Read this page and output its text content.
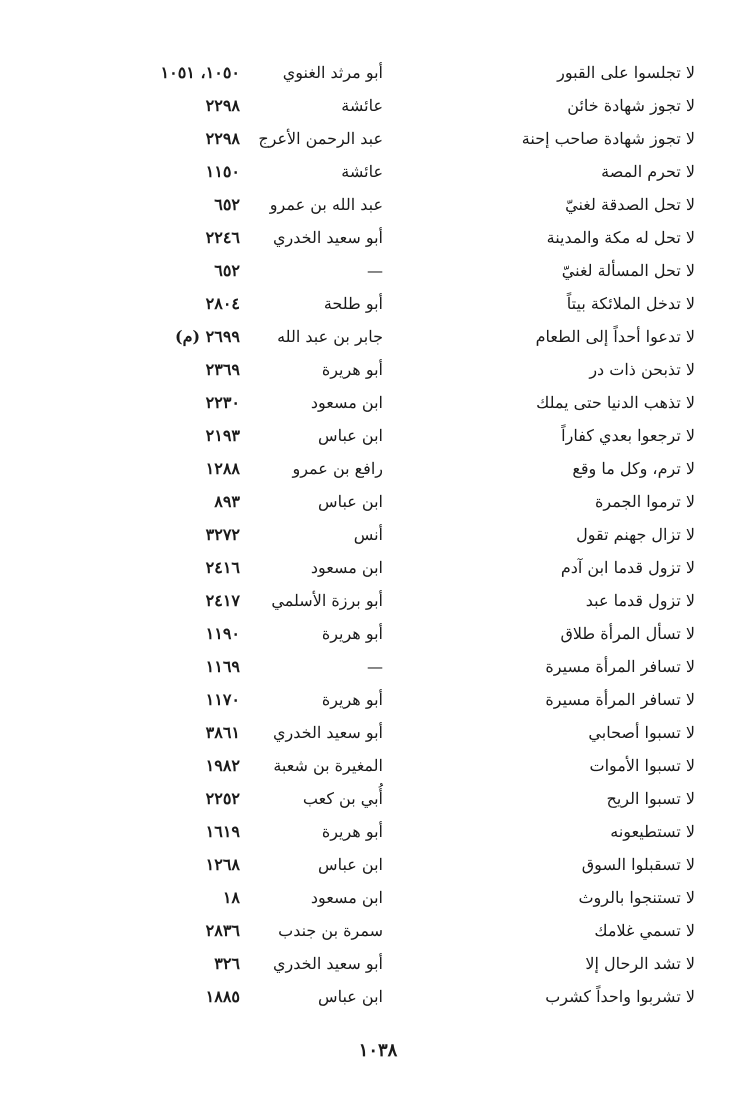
لا تجلسوا على القبور
أبو مرثد الغنوي
١٠٥٠، ١٠٥١
لا تجوز شهادة خائن
عائشة
٢٢٩٨
لا تجوز شهادة صاحب إحنة
عبد الرحمن الأعرج
٢٢٩٨
لا تحرم المصة
عائشة
١١٥٠
لا تحل الصدقة لغنيّ
عبد الله بن عمرو
٦٥٢
لا تحل له مكة والمدينة
أبو سعيد الخدري
٢٢٤٦
لا تحل المسألة لغنيّ
—
٦٥٢
لا تدخل الملائكة بيتاً
أبو طلحة
٢٨٠٤
لا تدعوا أحداً إلى الطعام
جابر بن عبد الله
٢٦٩٩ (م)
لا تذبحن ذات در
أبو هريرة
٢٣٦٩
لا تذهب الدنيا حتى يملك
ابن مسعود
٢٢٣٠
لا ترجعوا بعدي كفاراً
ابن عباس
٢١٩٣
لا ترم، وكل ما وقع
رافع بن عمرو
١٢٨٨
لا ترموا الجمرة
ابن عباس
٨٩٣
لا تزال جهنم تقول
أنس
٣٢٧٢
لا تزول قدما ابن آدم
ابن مسعود
٢٤١٦
لا تزول قدما عبد
أبو برزة الأسلمي
٢٤١٧
لا تسأل المرأة طلاق
أبو هريرة
١١٩٠
لا تسافر المرأة مسيرة
—
١١٦٩
لا تسافر المرأة مسيرة
أبو هريرة
١١٧٠
لا تسبوا أصحابي
أبو سعيد الخدري
٣٨٦١
لا تسبوا الأموات
المغيرة بن شعبة
١٩٨٢
لا تسبوا الريح
أُبي بن كعب
٢٢٥٢
لا تستطيعونه
أبو هريرة
١٦١٩
لا تسقبلوا السوق
ابن عباس
١٢٦٨
لا تستنجوا بالروث
ابن مسعود
١٨
لا تسمي غلامك
سمرة بن جندب
٢٨٣٦
لا تشد الرحال إلا
أبو سعيد الخدري
٣٢٦
لا تشربوا واحداً كشرب
ابن عباس
١٨٨٥
١٠٣٨
